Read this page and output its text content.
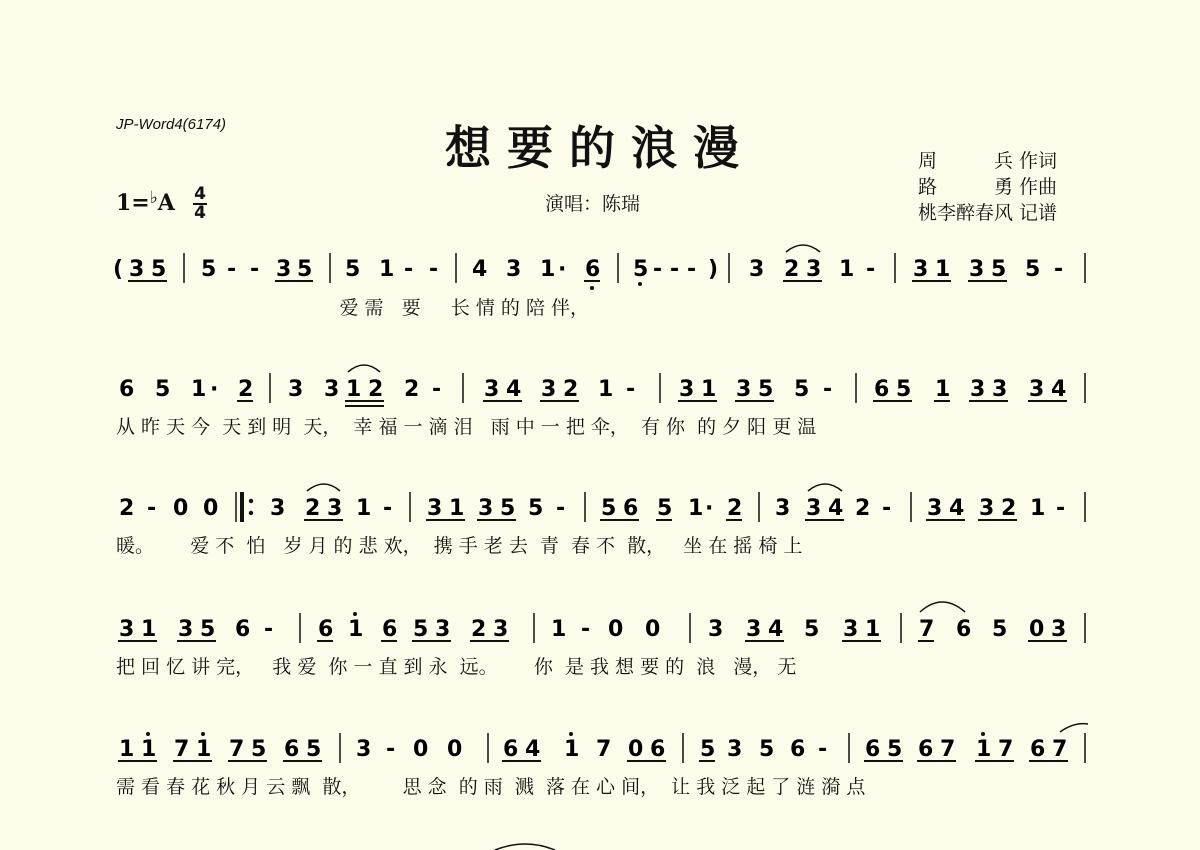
JP-Word4(6174)	想要的浪漫
演唱：陈瑞
周　　　兵 作词
路　　　勇 作曲
桃李醉春风 记谱
1=♭A 4
4
( 3 5 5 - - 3 5 5 1 - - 4 3 1 · 6 5 - - - ) 3 2 3 1 - 3 1 3 5 5 -
6 5 1 · 2 3 3 1 2 2 - 3 4 3 2 1 - 3 1 3 5 5 - 6 5 1 3 3 3 4
2 - 0 0 3 2 3 1 - 3 1 3 5 5 - 5 6 5 1 · 2 3 3 4 2 - 3 4 3 2 1 -
3 1 3 5 6 - 6 1 6 5 3 2 3 1 - 0 0 3 3 4 5 3 1 7 6 5 0 3
1 1 7 1 7 5 6 5 3 - 0 0 6 4 1 7 0 6 5 3 5 6 - 6 5 6 7 1 7 6 7
爱 需   要     长 情 的 陪 伴，
从 昨 天 今  天 到 明  天，  幸 福 一 滴 泪   雨 中 一 把 伞，  有 你  的 夕 阳 更 温
暖。      爱 不  怕   岁 月 的 悲 欢，  携 手 老 去  青  春 不  散，   坐 在 摇 椅 上
把 回 忆 讲 完，   我 爱  你 一 直 到 永  远。      你  是 我 想 要 的  浪   漫， 无
需 看 春 花 秋 月 云 飘  散，       思 念  的 雨  溅  落 在 心 间，  让 我 泛 起 了 涟 漪 点
